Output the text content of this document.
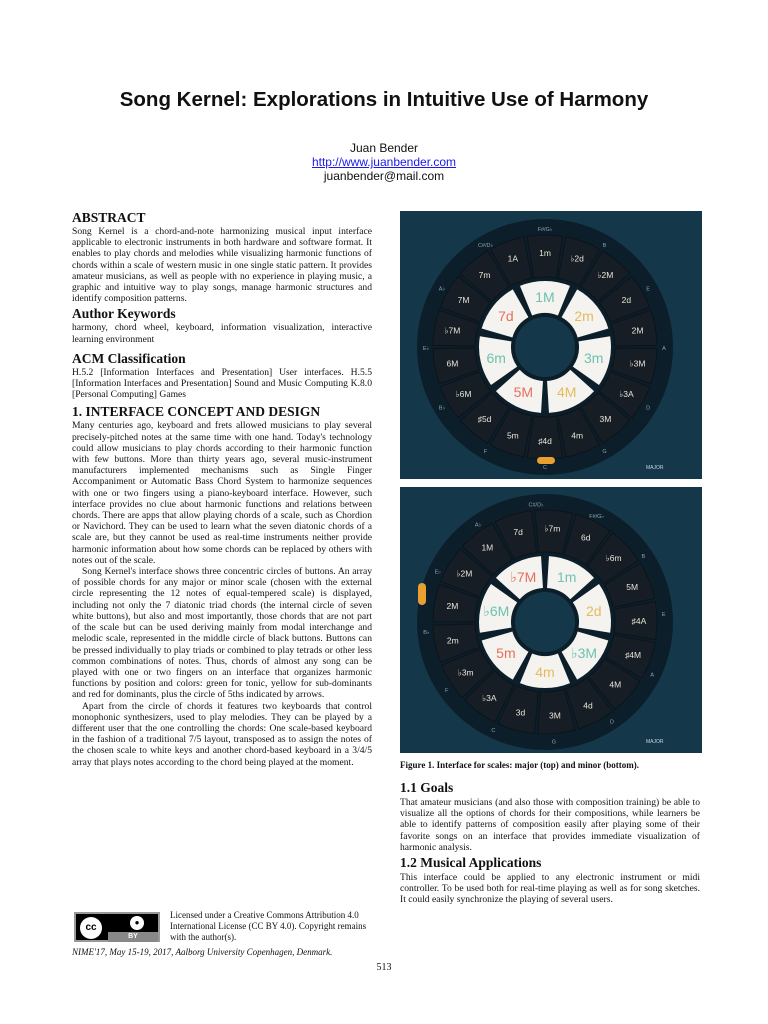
Song Kernel: Explorations in Intuitive Use of Harmony
Juan Bender
http://www.juanbender.com
juanbender@mail.com
ABSTRACT

Song Kernel is a chord-and-note harmonizing musical input interface applicable to electronic instruments in both hardware and software format. It enables to play chords and melodies while visualizing harmonic functions of chords within a scale of western music in one single static pattern. It provides amateur musicians, as well as people with no experience in playing music, a graphic and intuitive way to play songs, manage harmonic structures and identify composition patterns.

Author Keywords

harmony, chord wheel, keyboard, information visualization, interactive learning environment

ACM Classification

H.5.2 [Information Interfaces and Presentation] User interfaces. H.5.5 [Information Interfaces and Presentation] Sound and Music Computing K.8.0 [Personal Computing] Games

1. INTERFACE CONCEPT AND DESIGN

Many centuries ago, keyboard and frets allowed musicians to play several precisely-pitched notes at the same time with one hand. Today's technology could allow musicians to play chords according to their harmonic function with few buttons. More than thirty years ago, several music-instrument manufacturers implemented mechanisms such as Single Finger Accompaniment or Automatic Bass Chord System to harmonize sequences with one or two fingers using a piano-keyboard interface. However, such interface provides no clue about harmonic functions and relations between chords. There are apps that allow playing chords of a scale, such as Chordion or Navichord. They can be used to learn what the seven diatonic chords of a scale are, but they cannot be used as real-time instruments neither provide harmonic information about how some chords can be replaced by others with notes out of the scale.

Song Kernel's interface shows three concentric circles of buttons. An array of possible chords for any major or minor scale (chosen with the external circle representing the 12 notes of equal-tempered scale) is displayed, including not only the 7 diatonic triad chords (the internal circle of seven white buttons), but also and most importantly, those chords that are not part of the scale but can be used deriving mainly from modal interchange and melodic scale, represented in the middle circle of black buttons. Buttons can be pressed individually to play triads or combined to play tetrads or other less common combinations of notes. Thus, chords of almost any song can be played with one or two fingers on an interface that organizes harmonic functions by position and colors: green for tonic, yellow for sub-dominants and red for dominants, plus the circle of 5ths indicated by arrows.

Apart from the circle of chords it features two keyboards that control monophonic synthesizers, used to play melodies. They can be played by a different user that the one controlling the chords: One scale-based keyboard in the fashion of a traditional 7/5 layout, transposed as to assign the notes of the chosen scale to white keys and another chord-based keyboard in a 3/4/5 array that plays notes according to the chord being played at the moment.

F#/G♭
B
E
A
D
G
C
F
B♭
E♭
A♭
C#/D♭
1m
♭2d
♭2M
2d
2M
♭3M
♭3A
3M
4m
♯4d
5m
♯5d
♭6M
6M
♭7M
7M
7m
1A
1M
2m
3m
4M
5M
6m
7d
MAJOR
F#/G♭
B
E
A
D
G
C
F
B♭
E♭
A♭
C#/D♭
6d
♭6m
5M
♯4A
♯4M
4M
4d
3M
3d
♭3A
♭3m
2m
2M
♭2M
1M
7d	♭7m
1m
2d
♭3M
4m
5m
♭6M
♭7M
MAJOR
Figure 1. Interface for scales: major (top) and minor (bottom).
1.1 Goals

That amateur musicians (and also those with composition training) be able to visualize all the options of chords for their compositions, while learners be able to identify patterns of composition easily after playing some of their favorite songs on an interface that provides immediate visualization of harmonic analysis.

1.2 Musical Applications

This interface could be applied to any electronic instrument or midi controller. To be used both for real-time playing as well as for song sketches. It could easily synchronize the playing of several users.

cc	●
BY
Licensed under a Creative Commons Attribution 4.0 International License (CC BY 4.0). Copyright remains with the author(s).
NIME'17, May 15-19, 2017, Aalborg University Copenhagen, Denmark.
513
